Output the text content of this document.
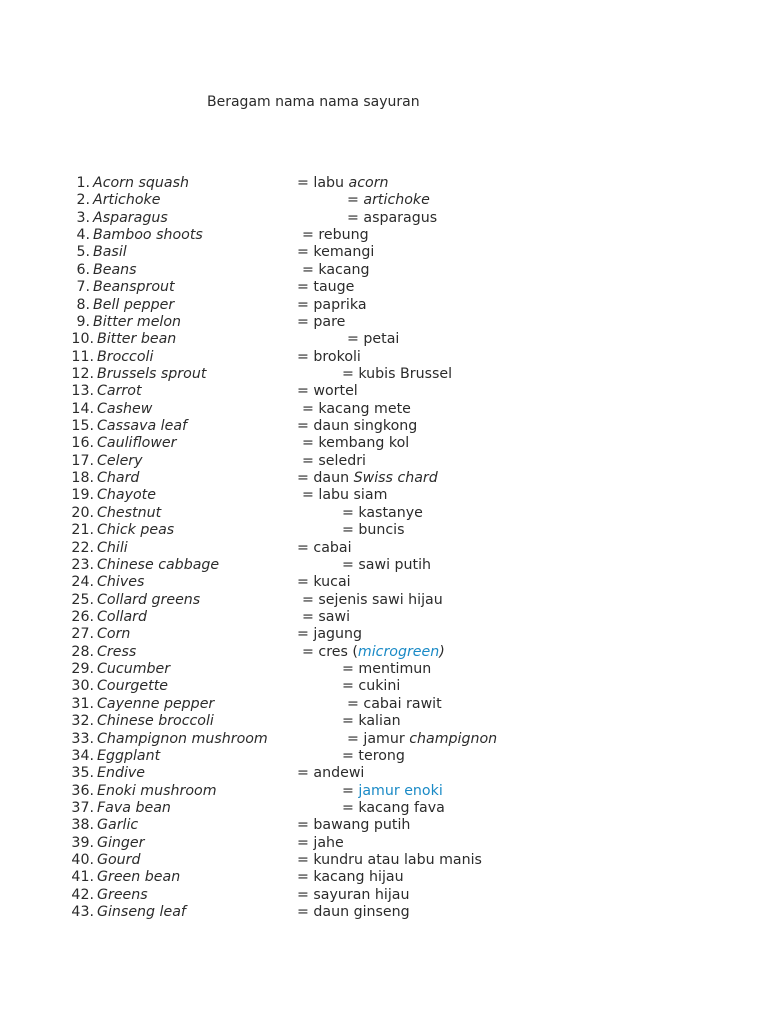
Beragam nama nama sayuran
1. Acorn squash	= labu acorn
2. Artichoke	= artichoke
3. Asparagus	= asparagus
4. Bamboo shoots	= rebung
5. Basil	= kemangi
6. Beans	= kacang
7. Beansprout	= tauge
8. Bell pepper	= paprika
9. Bitter melon	= pare
10. Bitter bean	= petai
11. Broccoli	= brokoli
12. Brussels sprout	= kubis Brussel
13. Carrot	= wortel
14. Cashew	= kacang mete
15. Cassava leaf	= daun singkong
16. Cauliflower	= kembang kol
17. Celery	= seledri
18. Chard	= daun Swiss chard
19. Chayote	= labu siam
20. Chestnut	= kastanye
21. Chick peas	= buncis
22. Chili	= cabai
23. Chinese cabbage	= sawi putih
24. Chives	= kucai
25. Collard greens	= sejenis sawi hijau
26. Collard	= sawi
27. Corn	= jagung
28. Cress	= cres (microgreen)
29. Cucumber	= mentimun
30. Courgette	= cukini
31. Cayenne pepper	= cabai rawit
32. Chinese broccoli	= kalian
33. Champignon mushroom	= jamur champignon
34. Eggplant	= terong
35. Endive	= andewi
36. Enoki mushroom	= jamur enoki
37. Fava bean	= kacang fava
38. Garlic	= bawang putih
39. Ginger	= jahe
40. Gourd	= kundru atau labu manis
41. Green bean	= kacang hijau
42. Greens	= sayuran hijau
43. Ginseng leaf	= daun ginseng
